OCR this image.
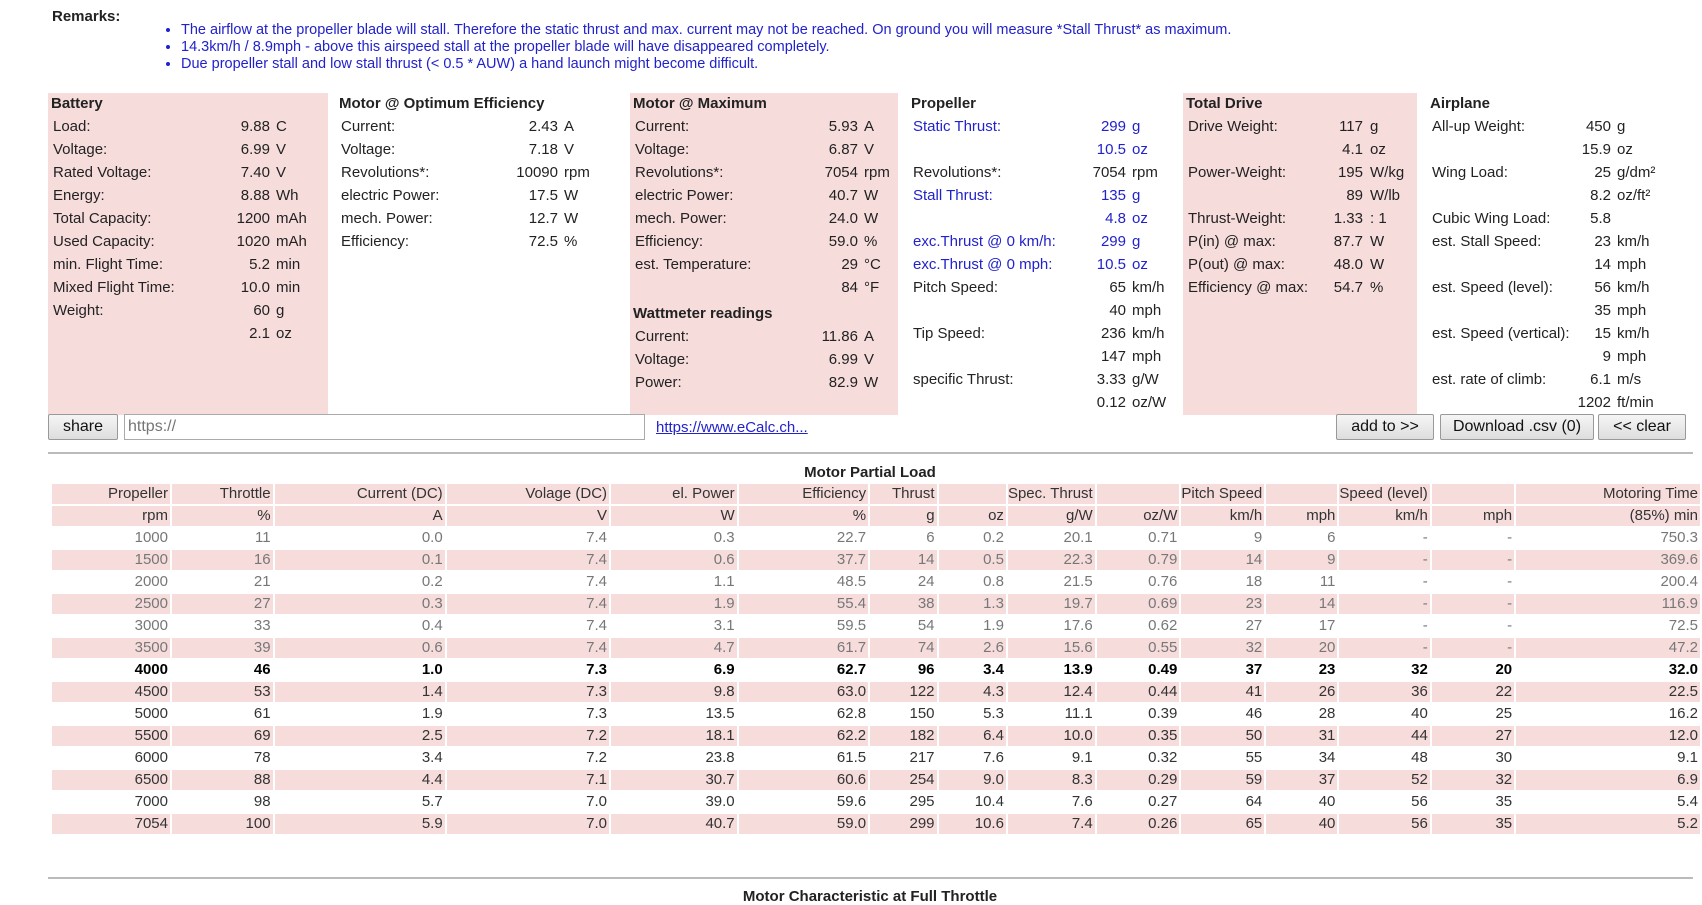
Remarks:
• The airflow at the propeller blade will stall. Therefore the static thrust and max. current may not be reached. On ground you will measure *Stall Thrust* as maximum.
• 14.3km/h / 8.9mph - above this airspeed stall at the propeller blade will have disappeared completely.
• Due propeller stall and low stall thrust (< 0.5 * AUW) a hand launch might become difficult.
Battery
Load:	9.88 C
Voltage:	6.99 V
Rated Voltage:	7.40 V
Energy:	8.88 Wh
Total Capacity:	1200 mAh
Used Capacity:	1020 mAh
min. Flight Time:	5.2 min
Mixed Flight Time:	10.0 min
Weight:	60 g
2.1 oz
Motor @ Optimum Efficiency
Current:	2.43 A
Voltage:	7.18 V
Revolutions*:	10090 rpm
electric Power:	17.5 W
mech. Power:	12.7 W
Efficiency:	72.5 %
Motor @ Maximum
Current:	5.93 A
Voltage:	6.87 V
Revolutions*:	7054 rpm
electric Power:	40.7 W
mech. Power:	24.0 W
Efficiency:	59.0 %
est. Temperature:	29 °C
84 °F
Wattmeter readings
Current:	11.86 A
Voltage:	6.99 V
Power:	82.9 W
Propeller
Static Thrust:	299 g
10.5 oz
Revolutions*:	7054 rpm
Stall Thrust:	135 g
4.8 oz
exc.Thrust @ 0 km/h:	299 g
exc.Thrust @ 0 mph:	10.5 oz
Pitch Speed:	65 km/h
40 mph
Tip Speed:	236 km/h
147 mph
specific Thrust:	3.33 g/W
0.12 oz/W
Total Drive
Drive Weight:	117 g
4.1 oz
Power-Weight:	195 W/kg
89 W/lb
Thrust-Weight:	1.33 : 1
P(in) @ max:	87.7 W
P(out) @ max:	48.0 W
Efficiency @ max:	54.7 %
Airplane
All-up Weight:	450 g
15.9 oz
Wing Load:	25 g/dm²
8.2 oz/ft²
Cubic Wing Load:	5.8
est. Stall Speed:	23 km/h
14 mph
est. Speed (level):	56 km/h
35 mph
est. Speed (vertical):	15 km/h
9 mph
est. rate of climb:	6.1 m/s
1202 ft/min
share
https://	https://www.eCalc.ch...	add to >>	Download .csv (0)	<< clear
Motor Partial Load
Propeller	Throttle	Current (DC)	Volage (DC)	el. Power	Efficiency	Thrust		Spec. Thrust		Pitch Speed		Speed (level)		Motoring Time
rpm	%	A	V	W	%	g	oz	g/W	oz/W	km/h	mph	km/h	mph	(85%) min
1000	11	0.0	7.4	0.3	22.7	6	0.2	20.1	0.71	9	6	-	-	750.3
1500	16	0.1	7.4	0.6	37.7	14	0.5	22.3	0.79	14	9	-	-	369.6
2000	21	0.2	7.4	1.1	48.5	24	0.8	21.5	0.76	18	11	-	-	200.4
2500	27	0.3	7.4	1.9	55.4	38	1.3	19.7	0.69	23	14	-	-	116.9
3000	33	0.4	7.4	3.1	59.5	54	1.9	17.6	0.62	27	17	-	-	72.5
3500	39	0.6	7.4	4.7	61.7	74	2.6	15.6	0.55	32	20	-	-	47.2
4000	46	1.0	7.3	6.9	62.7	96	3.4	13.9	0.49	37	23	32	20	32.0
4500	53	1.4	7.3	9.8	63.0	122	4.3	12.4	0.44	41	26	36	22	22.5
5000	61	1.9	7.3	13.5	62.8	150	5.3	11.1	0.39	46	28	40	25	16.2
5500	69	2.5	7.2	18.1	62.2	182	6.4	10.0	0.35	50	31	44	27	12.0
6000	78	3.4	7.2	23.8	61.5	217	7.6	9.1	0.32	55	34	48	30	9.1
6500	88	4.4	7.1	30.7	60.6	254	9.0	8.3	0.29	59	37	52	32	6.9
7000	98	5.7	7.0	39.0	59.6	295	10.4	7.6	0.27	64	40	56	35	5.4
7054	100	5.9	7.0	40.7	59.0	299	10.6	7.4	0.26	65	40	56	35	5.2
Motor Characteristic at Full Throttle
